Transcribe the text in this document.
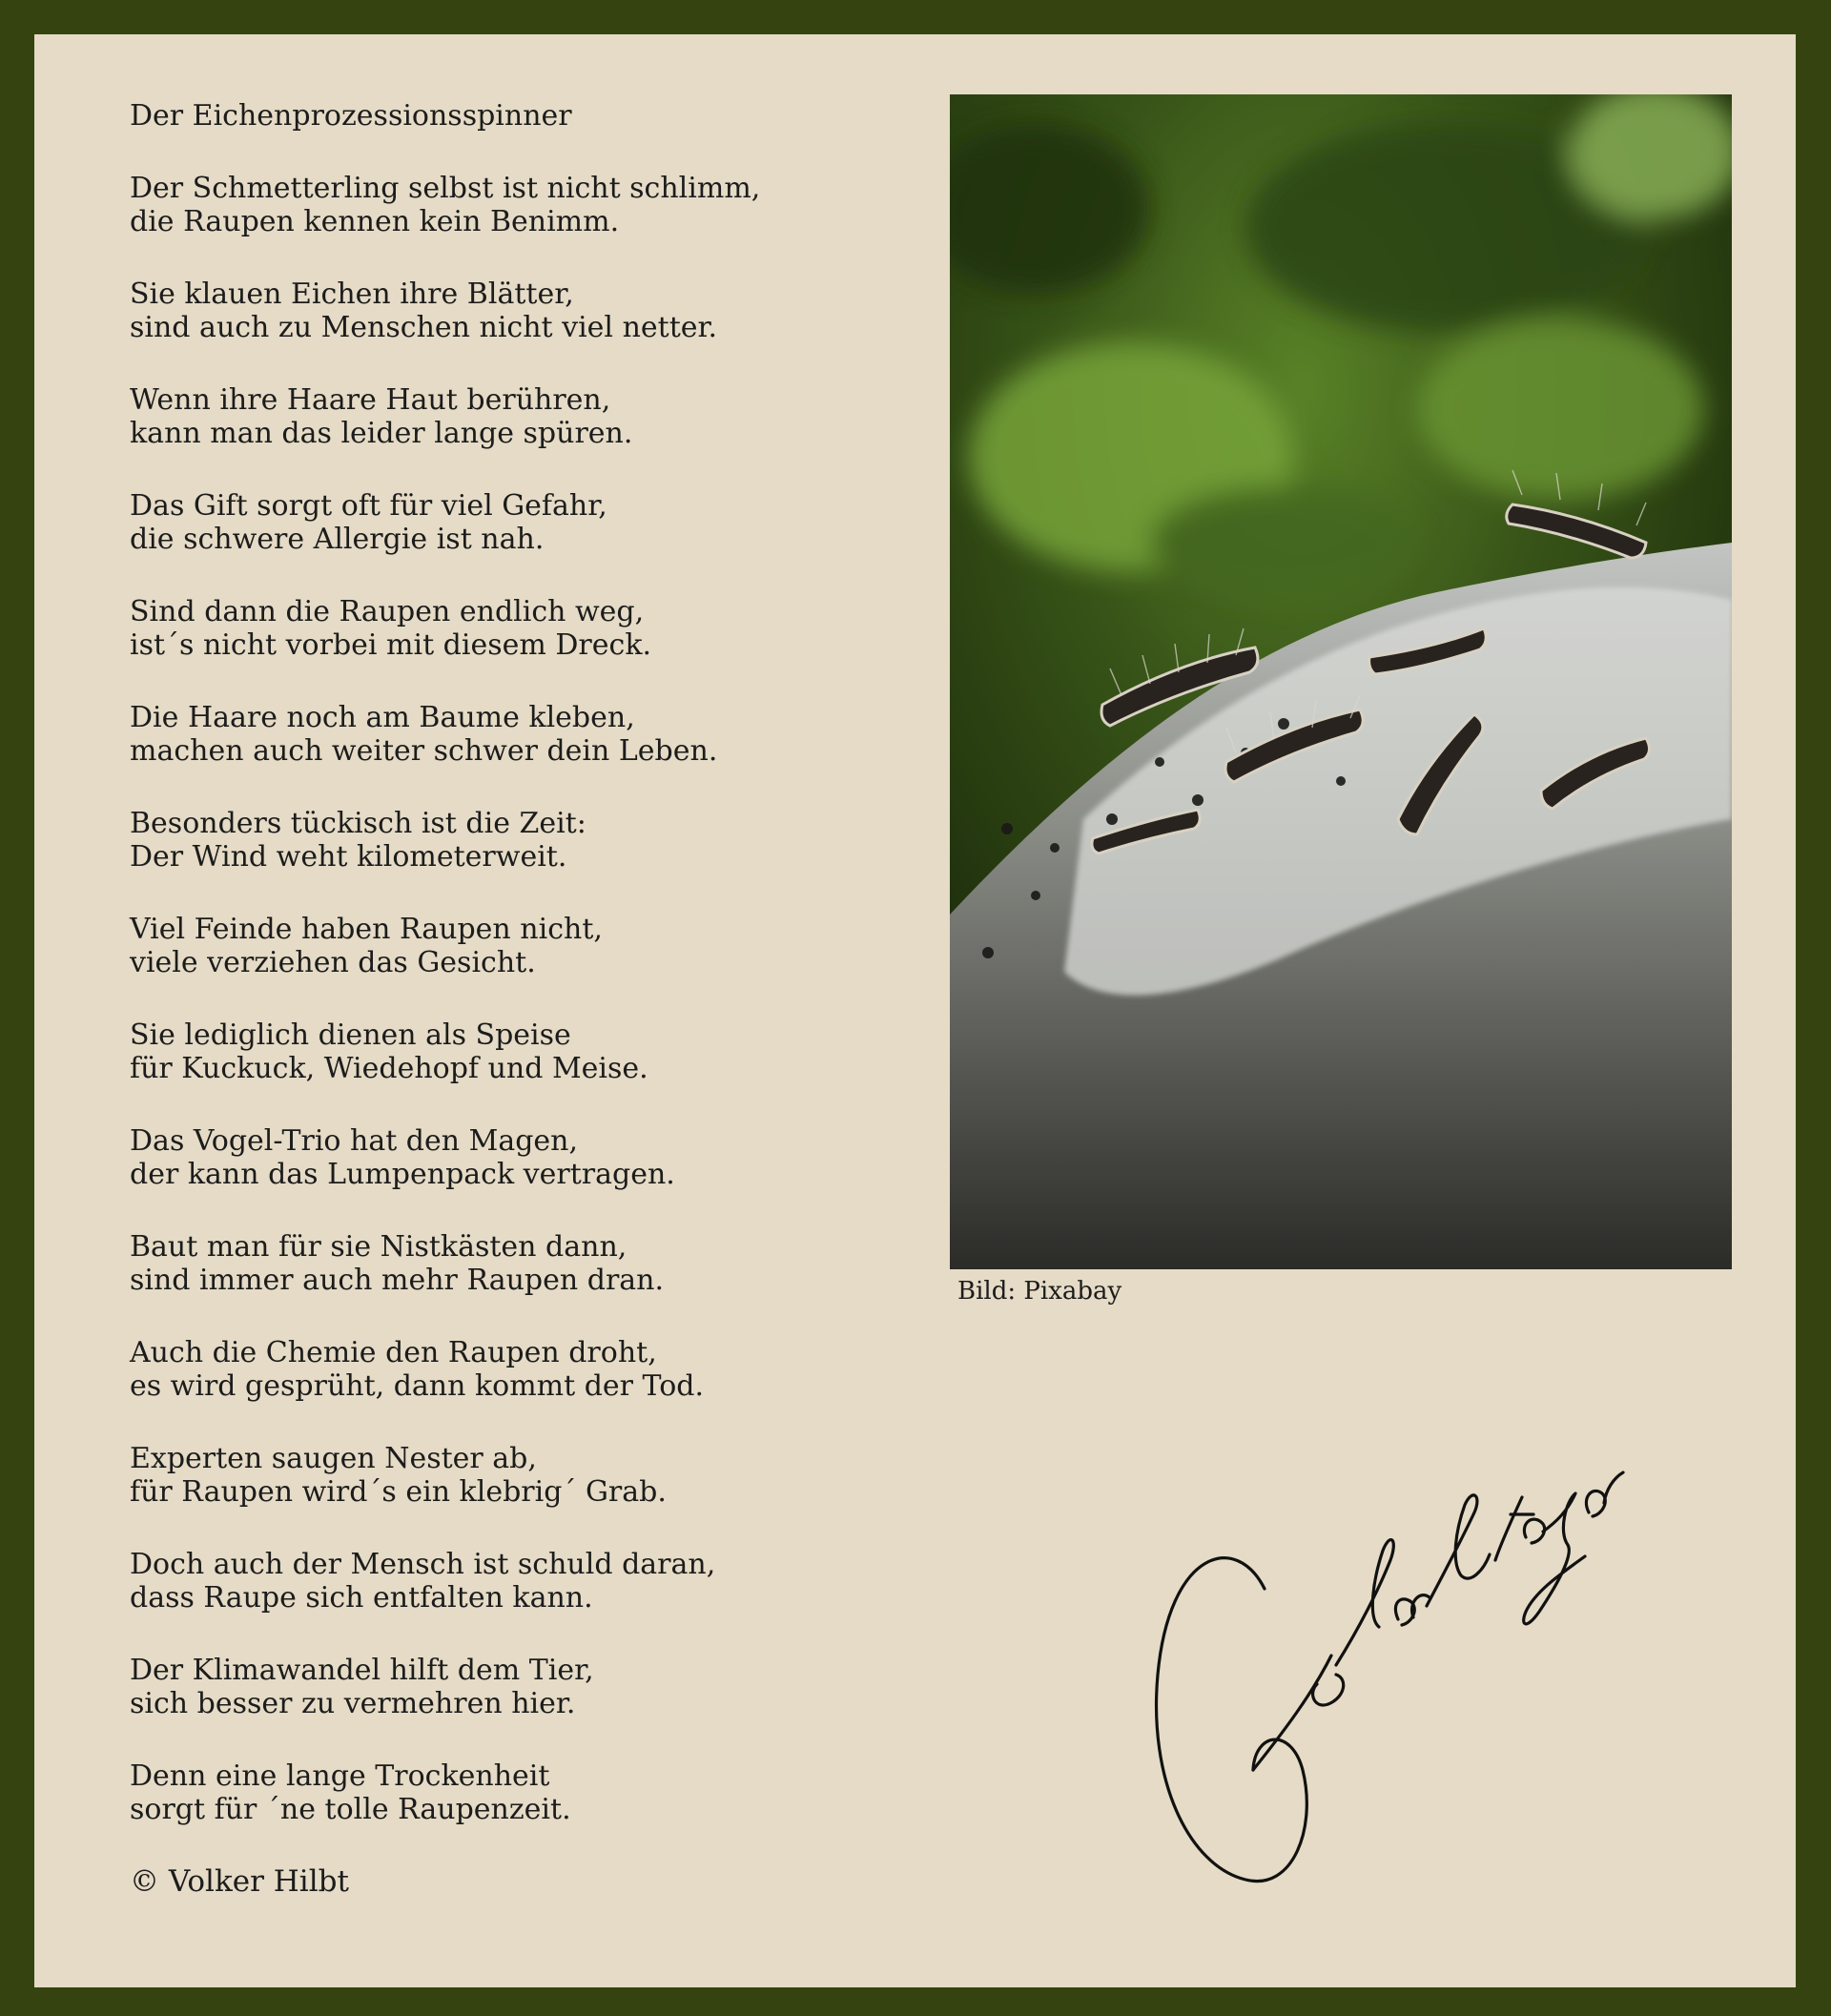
Der Eichenprozessionsspinner

Der Schmetterling selbst ist nicht schlimm,
die Raupen kennen kein Benimm.

Sie klauen Eichen ihre Blätter,
sind auch zu Menschen nicht viel netter.

Wenn ihre Haare Haut berühren,
kann man das leider lange spüren.

Das Gift sorgt oft für viel Gefahr,
die schwere Allergie ist nah.

Sind dann die Raupen endlich weg,
ist´s nicht vorbei mit diesem Dreck.

Die Haare noch am Baume kleben,
machen auch weiter schwer dein Leben.

Besonders tückisch ist die Zeit:
Der Wind weht kilometerweit.

Viel Feinde haben Raupen nicht,
viele verziehen das Gesicht.

Sie lediglich dienen als Speise
für Kuckuck, Wiedehopf und Meise.

Das Vogel-Trio hat den Magen,
der kann das Lumpenpack vertragen.

Baut man für sie Nistkästen dann,
sind immer auch mehr Raupen dran.

Auch die Chemie den Raupen droht,
es wird gesprüht, dann kommt der Tod.

Experten saugen Nester ab,
für Raupen wird´s ein klebrig´ Grab.

Doch auch der Mensch ist schuld daran,
dass Raupe sich entfalten kann.

Der Klimawandel hilft dem Tier,
sich besser zu vermehren hier.

Denn eine lange Trockenheit
sorgt für ´ne tolle Raupenzeit.

© Volker Hilbt

Bild: Pixabay
